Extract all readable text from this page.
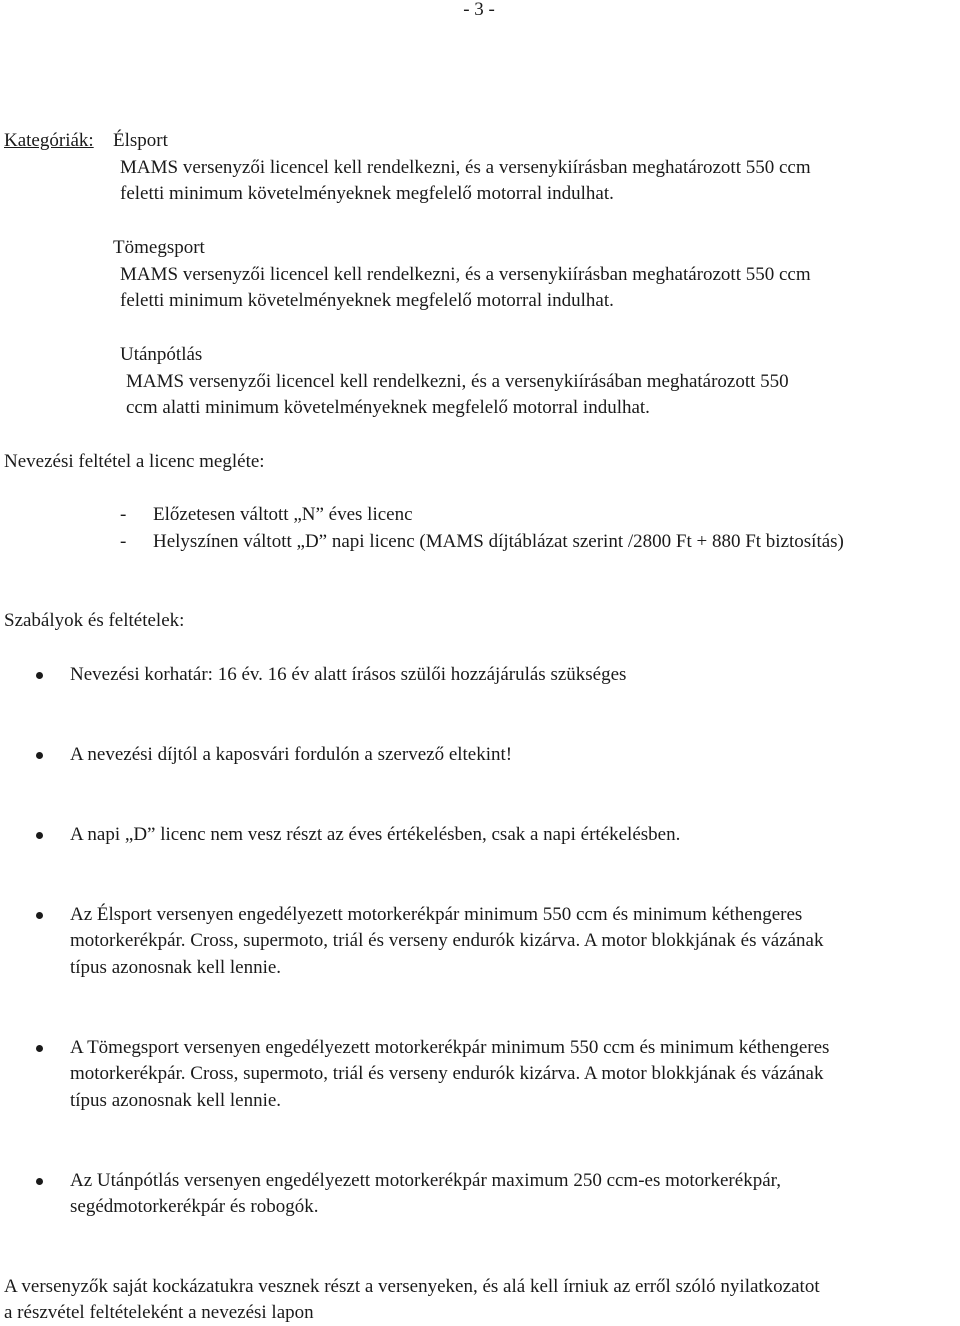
- 3 -
Kategóriák: Élsport
MAMS versenyzői licencel kell rendelkezni, és a versenykiírásban meghatározott 550 ccm
feletti minimum követelményeknek megfelelő motorral indulhat.
Tömegsport
MAMS versenyzői licencel kell rendelkezni, és a versenykiírásban meghatározott 550 ccm
feletti minimum követelményeknek megfelelő motorral indulhat.
Utánpótlás
MAMS versenyzői licencel kell rendelkezni, és a versenykiírásában meghatározott 550
ccm alatti minimum követelményeknek megfelelő motorral indulhat.
Nevezési feltétel a licenc megléte:
- Előzetesen váltott „N” éves licenc
- Helyszínen váltott „D” napi licenc (MAMS díjtáblázat szerint /2800 Ft + 880 Ft biztosítás)
Szabályok és feltételek:
Nevezési korhatár: 16 év. 16 év alatt írásos szülői hozzájárulás szükséges
A nevezési díjtól a kaposvári fordulón a szervező eltekint!
A napi „D” licenc nem vesz részt az éves értékelésben, csak a napi értékelésben.
Az Élsport versenyen engedélyezett motorkerékpár minimum 550 ccm és minimum kéthengeres
motorkerékpár. Cross, supermoto, triál és verseny endurók kizárva. A motor blokkjának és vázának
típus azonosnak kell lennie.
A Tömegsport versenyen engedélyezett motorkerékpár minimum 550 ccm és minimum kéthengeres
motorkerékpár. Cross, supermoto, triál és verseny endurók kizárva. A motor blokkjának és vázának
típus azonosnak kell lennie.
Az Utánpótlás versenyen engedélyezett motorkerékpár maximum 250 ccm-es motorkerékpár,
segédmotorkerékpár és robogók.
A versenyzők saját kockázatukra vesznek részt a versenyeken, és alá kell írniuk az erről szóló nyilatkozatot
a részvétel feltételeként a nevezési lapon
